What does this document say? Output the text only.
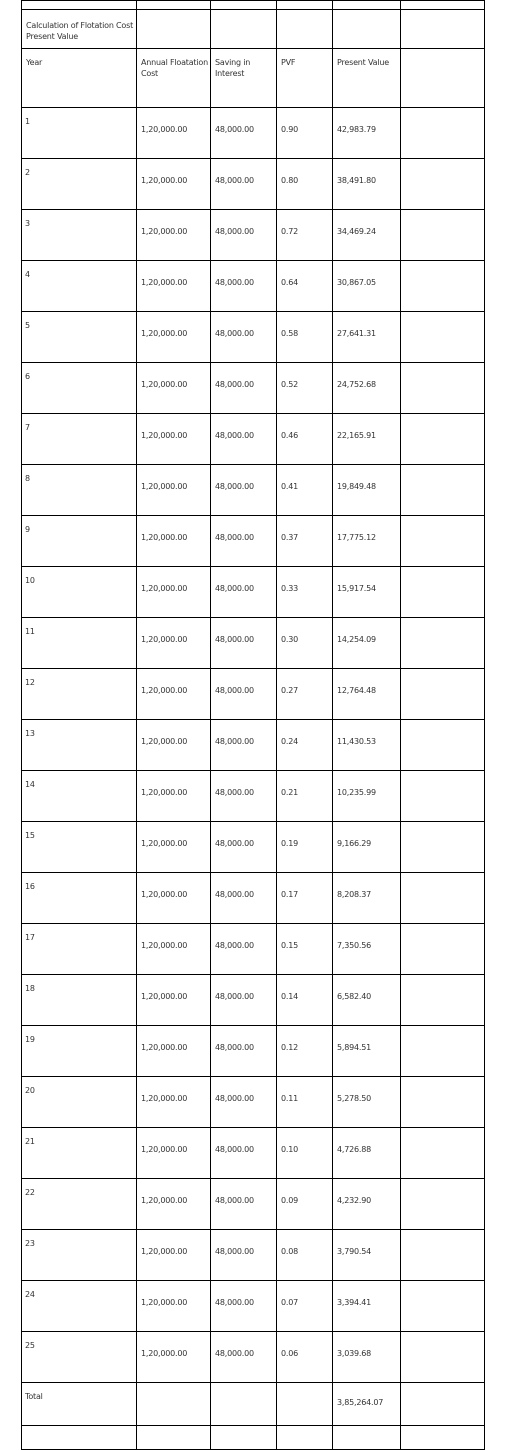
Calculation of Flotation Cost Present Value					
Year	Annual Floatation Cost	Saving in Interest	PVF	Present Value	
1	1,20,000.00	48,000.00	0.90	42,983.79	
2	1,20,000.00	48,000.00	0.80	38,491.80	
3	1,20,000.00	48,000.00	0.72	34,469.24	
4	1,20,000.00	48,000.00	0.64	30,867.05	
5	1,20,000.00	48,000.00	0.58	27,641.31	
6	1,20,000.00	48,000.00	0.52	24,752.68	
7	1,20,000.00	48,000.00	0.46	22,165.91	
8	1,20,000.00	48,000.00	0.41	19,849.48	
9	1,20,000.00	48,000.00	0.37	17,775.12	
10	1,20,000.00	48,000.00	0.33	15,917.54	
11	1,20,000.00	48,000.00	0.30	14,254.09	
12	1,20,000.00	48,000.00	0.27	12,764.48	
13	1,20,000.00	48,000.00	0.24	11,430.53	
14	1,20,000.00	48,000.00	0.21	10,235.99	
15	1,20,000.00	48,000.00	0.19	9,166.29	
16	1,20,000.00	48,000.00	0.17	8,208.37	
17	1,20,000.00	48,000.00	0.15	7,350.56	
18	1,20,000.00	48,000.00	0.14	6,582.40	
19	1,20,000.00	48,000.00	0.12	5,894.51	
20	1,20,000.00	48,000.00	0.11	5,278.50	
21	1,20,000.00	48,000.00	0.10	4,726.88	
22	1,20,000.00	48,000.00	0.09	4,232.90	
23	1,20,000.00	48,000.00	0.08	3,790.54	
24	1,20,000.00	48,000.00	0.07	3,394.41	
25	1,20,000.00	48,000.00	0.06	3,039.68	
Total				3,85,264.07	
